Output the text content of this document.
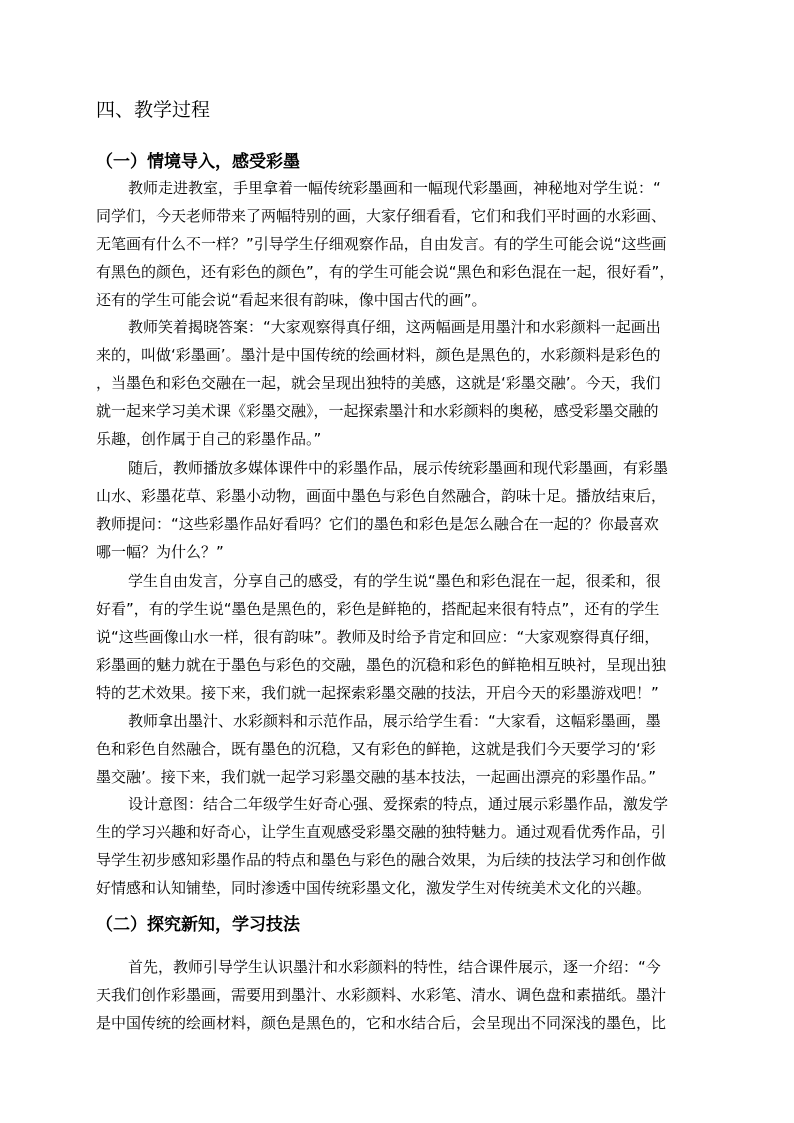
四、教学过程
（一）情境导入，感受彩墨
教师走进教室，手里拿着一幅传统彩墨画和一幅现代彩墨画，神秘地对学生说：“
同学们，今天老师带来了两幅特别的画，大家仔细看看，它们和我们平时画的水彩画、
无笔画有什么不一样？”引导学生仔细观察作品，自由发言。有的学生可能会说“这些画
有黑色的颜色，还有彩色的颜色”，有的学生可能会说“黑色和彩色混在一起，很好看”，
还有的学生可能会说“看起来很有韵味，像中国古代的画”。
教师笑着揭晓答案：“大家观察得真仔细，这两幅画是用墨汁和水彩颜料一起画出
来的，叫做‘彩墨画’。墨汁是中国传统的绘画材料，颜色是黑色的，水彩颜料是彩色的
，当墨色和彩色交融在一起，就会呈现出独特的美感，这就是‘彩墨交融’。今天，我们
就一起来学习美术课《彩墨交融》，一起探索墨汁和水彩颜料的奥秘，感受彩墨交融的
乐趣，创作属于自己的彩墨作品。”
随后，教师播放多媒体课件中的彩墨作品，展示传统彩墨画和现代彩墨画，有彩墨
山水、彩墨花草、彩墨小动物，画面中墨色与彩色自然融合，韵味十足。播放结束后，
教师提问：“这些彩墨作品好看吗？它们的墨色和彩色是怎么融合在一起的？你最喜欢
哪一幅？为什么？”
学生自由发言，分享自己的感受，有的学生说“墨色和彩色混在一起，很柔和，很
好看”，有的学生说“墨色是黑色的，彩色是鲜艳的，搭配起来很有特点”，还有的学生
说“这些画像山水一样，很有韵味”。教师及时给予肯定和回应：“大家观察得真仔细，
彩墨画的魅力就在于墨色与彩色的交融，墨色的沉稳和彩色的鲜艳相互映衬，呈现出独
特的艺术效果。接下来，我们就一起探索彩墨交融的技法，开启今天的彩墨游戏吧！”
教师拿出墨汁、水彩颜料和示范作品，展示给学生看：“大家看，这幅彩墨画，墨
色和彩色自然融合，既有墨色的沉稳，又有彩色的鲜艳，这就是我们今天要学习的‘彩
墨交融’。接下来，我们就一起学习彩墨交融的基本技法，一起画出漂亮的彩墨作品。”
设计意图：结合二年级学生好奇心强、爱探索的特点，通过展示彩墨作品，激发学
生的学习兴趣和好奇心，让学生直观感受彩墨交融的独特魅力。通过观看优秀作品，引
导学生初步感知彩墨作品的特点和墨色与彩色的融合效果，为后续的技法学习和创作做
好情感和认知铺垫，同时渗透中国传统彩墨文化，激发学生对传统美术文化的兴趣。
（二）探究新知，学习技法
首先，教师引导学生认识墨汁和水彩颜料的特性，结合课件展示，逐一介绍：“今
天我们创作彩墨画，需要用到墨汁、水彩颜料、水彩笔、清水、调色盘和素描纸。墨汁
是中国传统的绘画材料，颜色是黑色的，它和水结合后，会呈现出不同深浅的墨色，比
